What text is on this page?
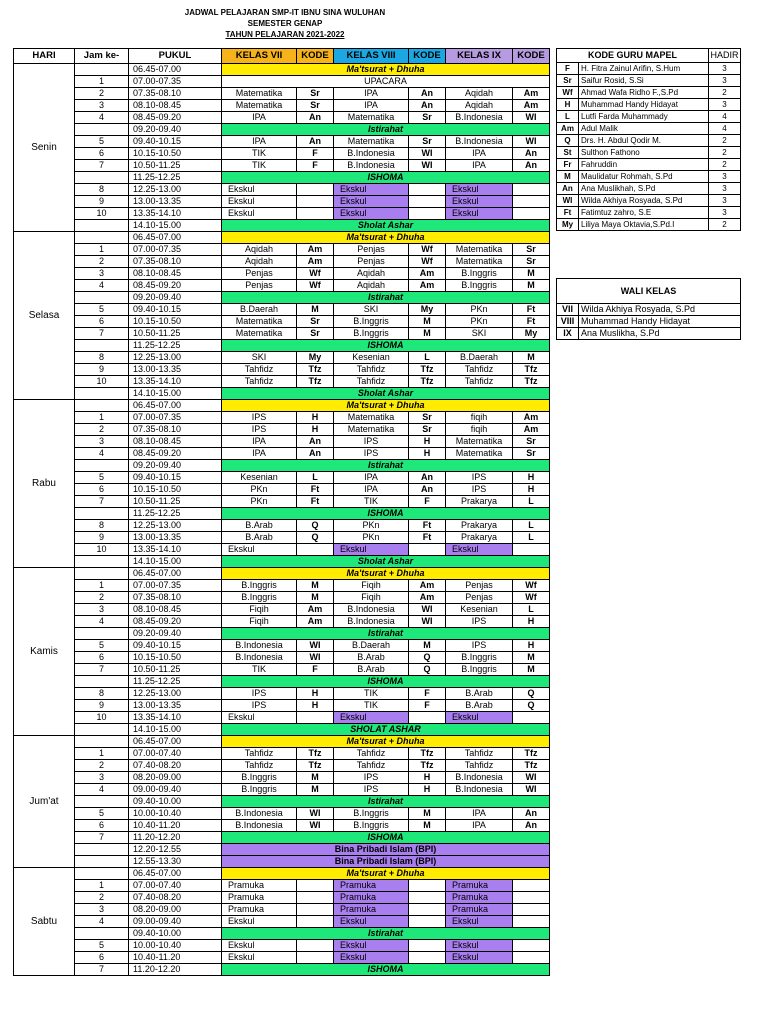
JADWAL PELAJARAN SMP-IT IBNU SINA WULUHAN
SEMESTER GENAP
TAHUN PELAJARAN 2021-2022
HARI	Jam ke-	PUKUL	KELAS VII	KODE	KELAS VIII	KODE	KELAS IX	KODE
Senin		06.45-07.00	Ma'tsurat + Dhuha					
	1	07.00-07.35	UPACARA					
	2	07.35-08.10	Matematika	Sr	IPA	An	Aqidah	Am
	3	08.10-08.45	Matematika	Sr	IPA	An	Aqidah	Am
	4	08.45-09.20	IPA	An	Matematika	Sr	B.Indonesia	WI
		09.20-09.40	Istirahat					
	5	09.40-10.15	IPA	An	Matematika	Sr	B.Indonesia	WI
	6	10.15-10.50	TIK	F	B.Indonesia	WI	IPA	An
	7	10.50-11.25	TIK	F	B.Indonesia	WI	IPA	An
		11.25-12.25	ISHOMA					
	8	12.25-13.00	Ekskul		Ekskul		Ekskul	
	9	13.00-13.35	Ekskul		Ekskul		Ekskul	
	10	13.35-14.10	Ekskul		Ekskul		Ekskul	
		14.10-15.00	Sholat Ashar					
Selasa		06.45-07.00	Ma'tsurat + Dhuha					
	1	07.00-07.35	Aqidah	Am	Penjas	Wf	Matematika	Sr
	2	07.35-08.10	Aqidah	Am	Penjas	Wf	Matematika	Sr
	3	08.10-08.45	Penjas	Wf	Aqidah	Am	B.Inggris	M
	4	08.45-09.20	Penjas	Wf	Aqidah	Am	B.Inggris	M
		09.20-09.40	Istirahat					
	5	09.40-10.15	B.Daerah	M	SKI	My	PKn	Ft
	6	10.15-10.50	Matematika	Sr	B.Inggris	M	PKn	Ft
	7	10.50-11.25	Matematika	Sr	B.Inggris	M	SKI	My
		11.25-12.25	ISHOMA					
	8	12.25-13.00	SKI	My	Kesenian	L	B.Daerah	M
	9	13.00-13.35	Tahfidz	Tfz	Tahfidz	Tfz	Tahfidz	Tfz
	10	13.35-14.10	Tahfidz	Tfz	Tahfidz	Tfz	Tahfidz	Tfz
		14.10-15.00	Sholat Ashar					
Rabu		06.45-07.00	Ma'tsurat + Dhuha					
	1	07.00-07.35	IPS	H	Matematika	Sr	fiqih	Am
	2	07.35-08.10	IPS	H	Matematika	Sr	fiqih	Am
	3	08.10-08.45	IPA	An	IPS	H	Matematika	Sr
	4	08.45-09.20	IPA	An	IPS	H	Matematika	Sr
		09.20-09.40	Istirahat					
	5	09.40-10.15	Kesenian	L	IPA	An	IPS	H
	6	10.15-10.50	PKn	Ft	IPA	An	IPS	H
	7	10.50-11.25	PKn	Ft	TIK	F	Prakarya	L
		11.25-12.25	ISHOMA					
	8	12.25-13.00	B.Arab	Q	PKn	Ft	Prakarya	L
	9	13.00-13.35	B.Arab	Q	PKn	Ft	Prakarya	L
	10	13.35-14.10	Ekskul		Ekskul		Ekskul	
		14.10-15.00	Sholat Ashar					
Kamis		06.45-07.00	Ma'tsurat + Dhuha					
	1	07.00-07.35	B.Inggris	M	Fiqih	Am	Penjas	Wf
	2	07.35-08.10	B.Inggris	M	Fiqih	Am	Penjas	Wf
	3	08.10-08.45	Fiqih	Am	B.Indonesia	WI	Kesenian	L
	4	08.45-09.20	Fiqih	Am	B.Indonesia	WI	IPS	H
		09.20-09.40	Istirahat					
	5	09.40-10.15	B.Indonesia	WI	B.Daerah	M	IPS	H
	6	10.15-10.50	B.Indonesia	WI	B.Arab	Q	B.Inggris	M
	7	10.50-11.25	TIK	F	B.Arab	Q	B.Inggris	M
		11.25-12.25	ISHOMA					
	8	12.25-13.00	IPS	H	TIK	F	B.Arab	Q
	9	13.00-13.35	IPS	H	TIK	F	B.Arab	Q
	10	13.35-14.10	Ekskul		Ekskul		Ekskul	
		14.10-15.00	SHOLAT ASHAR					
Jum'at		06.45-07.00	Ma'tsurat + Dhuha					
	1	07.00-07.40	Tahfidz	Tfz	Tahfidz	Tfz	Tahfidz	Tfz
	2	07.40-08.20	Tahfidz	Tfz	Tahfidz	Tfz	Tahfidz	Tfz
	3	08.20-09.00	B.Inggris	M	IPS	H	B.Indonesia	WI
	4	09.00-09.40	B.Inggris	M	IPS	H	B.Indonesia	WI
		09.40-10.00	Istirahat					
	5	10.00-10.40	B.Indonesia	WI	B.Inggris	M	IPA	An
	6	10.40-11.20	B.Indonesia	WI	B.Inggris	M	IPA	An
	7	11.20-12.20	ISHOMA					
		12.20-12.55	Bina Pribadi Islam (BPI)					
		12.55-13.30	Bina Pribadi Islam (BPI)					
Sabtu		06.45-07.00	Ma'tsurat + Dhuha					
	1	07.00-07.40	Pramuka		Pramuka		Pramuka	
	2	07.40-08.20	Pramuka		Pramuka		Pramuka	
	3	08.20-09.00	Pramuka		Pramuka		Pramuka	
	4	09.00-09.40	Ekskul		Ekskul		Ekskul	
		09.40-10.00	Istirahat					
	5	10.00-10.40	Ekskul		Ekskul		Ekskul	
	6	10.40-11.20	Ekskul		Ekskul		Ekskul	
	7	11.20-12.20	ISHOMA					
KODE GURU MAPEL		HADIR
F	H. Fitra Zainul Arifin, S.Hum	3
Sr	Saifur Rosid, S.Si	3
Wf	Ahmad Wafa Ridho F.,S.Pd	2
H	Muhammad Handy Hidayat	3
L	Lutfi Farda Muhammady	4
Am	Adul Malik	4
Q	Drs. H. Abdul Qodir M.	2
St	Sulthon Fathono	2
Fr	Fahruddin	2
M	Maulidatur Rohmah, S.Pd	3
An	Ana Muslikhah, S.Pd	3
WI	Wilda Akhiya Rosyada, S.Pd	3
Ft	Fatimtuz zahro, S.E	3
My	Liliya Maya Oktavia,S.Pd.I	2
WALI KELAS	
VII	Wilda Akhiya Rosyada, S.Pd
VIII	Muhammad Handy Hidayat
IX	Ana Muslikha, S.Pd
